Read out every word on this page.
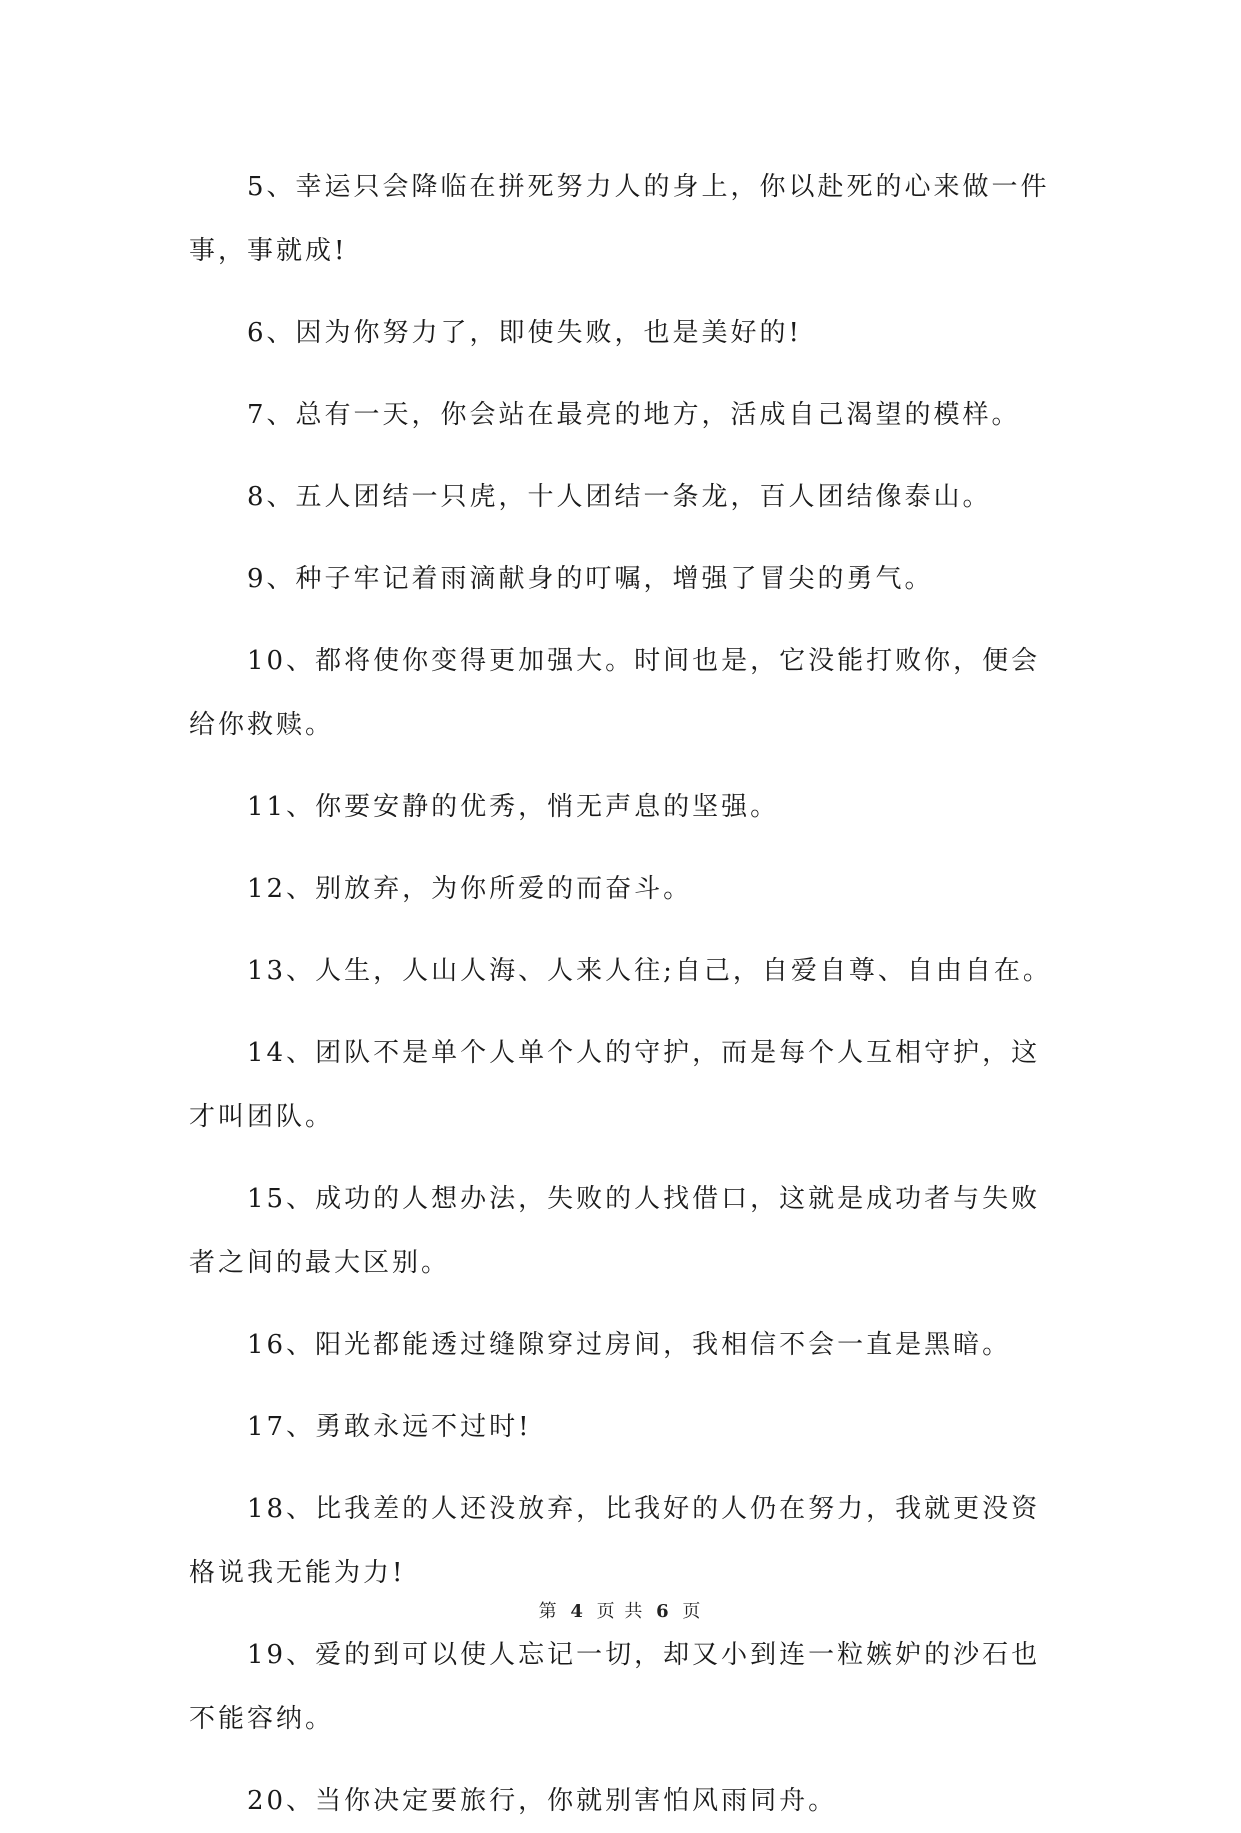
5、幸运只会降临在拼死努力人的身上，你以赴死的心来做一件事，事就成!

6、因为你努力了，即使失败，也是美好的!

7、总有一天，你会站在最亮的地方，活成自己渴望的模样。

8、五人团结一只虎，十人团结一条龙，百人团结像泰山。

9、种子牢记着雨滴献身的叮嘱，增强了冒尖的勇气。

10、都将使你变得更加强大。时间也是，它没能打败你，便会给你救赎。

11、你要安静的优秀，悄无声息的坚强。

12、别放弃，为你所爱的而奋斗。

13、人生，人山人海、人来人往;自己，自爱自尊、自由自在。

14、团队不是单个人单个人的守护，而是每个人互相守护，这才叫团队。

15、成功的人想办法，失败的人找借口，这就是成功者与失败者之间的最大区别。

16、阳光都能透过缝隙穿过房间，我相信不会一直是黑暗。

17、勇敢永远不过时!

18、比我差的人还没放弃，比我好的人仍在努力，我就更没资格说我无能为力!

19、爱的到可以使人忘记一切，却又小到连一粒嫉妒的沙石也不能容纳。

20、当你决定要旅行，你就别害怕风雨同舟。

第 4 页 共 6 页
